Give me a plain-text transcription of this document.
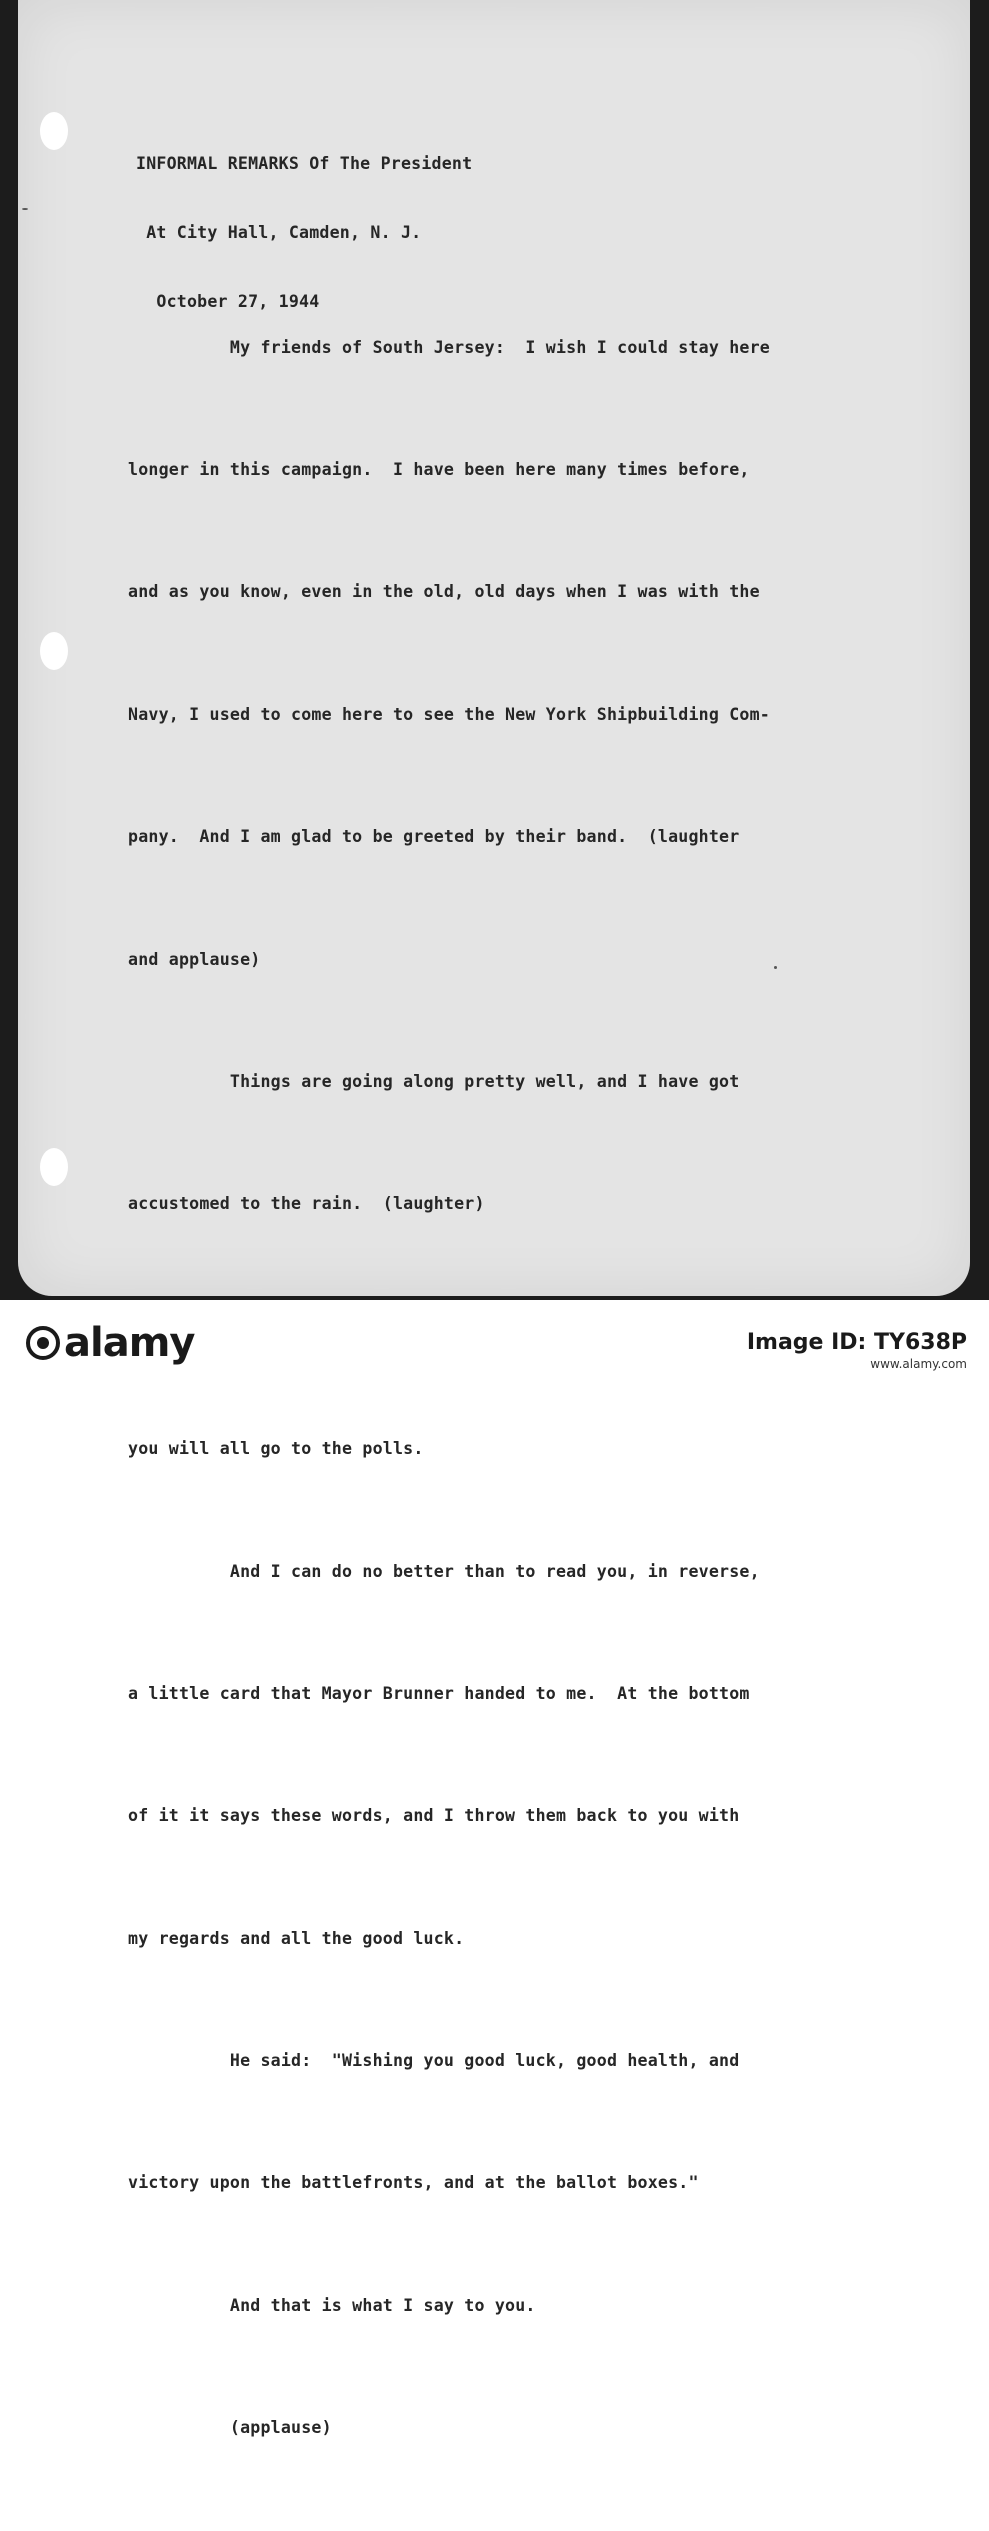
INFORMAL REMARKS Of The President

At City Hall, Camden, N. J.

October 27, 1944

My friends of South Jersey:  I wish I could stay here

longer in this campaign.  I have been here many times before,

and as you know, even in the old, old days when I was with the

Navy, I used to come here to see the New York Shipbuilding Com-

pany.  And I am glad to be greeted by their band.  (laughter

and applause)

Things are going along pretty well, and I have got

accustomed to the rain.  (laughter)

you will all go to the polls.

And I can do no better than to read you, in reverse,

a little card that Mayor Brunner handed to me.  At the bottom

of it it says these words, and I throw them back to you with

my regards and all the good luck.

He said:  "Wishing you good luck, good health, and

victory upon the battlefronts, and at the ballot boxes."

And that is what I say to you.

(applause)

alamy	Image ID: TY638P
www.alamy.com
